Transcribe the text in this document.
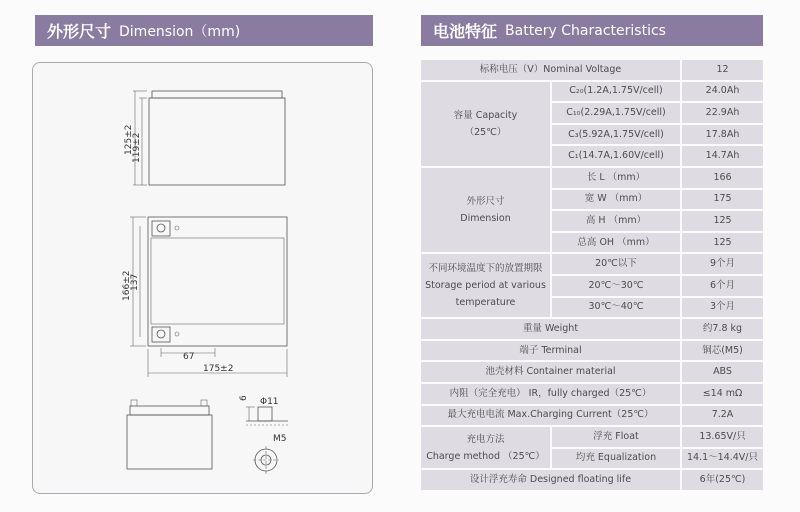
外形尺寸 Dimension（mm)	电池特征 Battery Characteristics
125±2
119±2
166±2
137
67
175±2
6 Φ11
M5
标称电压（V）Nominal Voltage		12
容量 Capacity
（25℃）	C₂₀(1.2A,1.75V/cell)	24.0Ah
	C₁₀(2.29A,1.75V/cell)	22.9Ah
	C₃(5.92A,1.75V/cell)	17.8Ah
	C₁(14.7A,1.60V/cell)	14.7Ah
外形尺寸
Dimension	长 L （mm）	166
	宽 W （mm）	175
	高 H （mm）	125
	总高 OH （mm）	125
不同环境温度下的放置期限
Storage period at various
temperature	20℃以下	9个月
	20℃～30℃	6个月
	30℃～40℃	3个月
重量 Weight		约7.8 kg
端子 Terminal		铜芯(M5)
池壳材料 Container material		ABS
内阻（完全充电） IR，fully charged（25℃）		≤14 mΩ
最大充电电流 Max.Charging Current（25℃）		7.2A
充电方法
Charge method （25℃）	浮充 Float	13.65V/只
	均充 Equalization	14.1～14.4V/只
设计浮充寿命 Designed floating life		6年(25℃)
